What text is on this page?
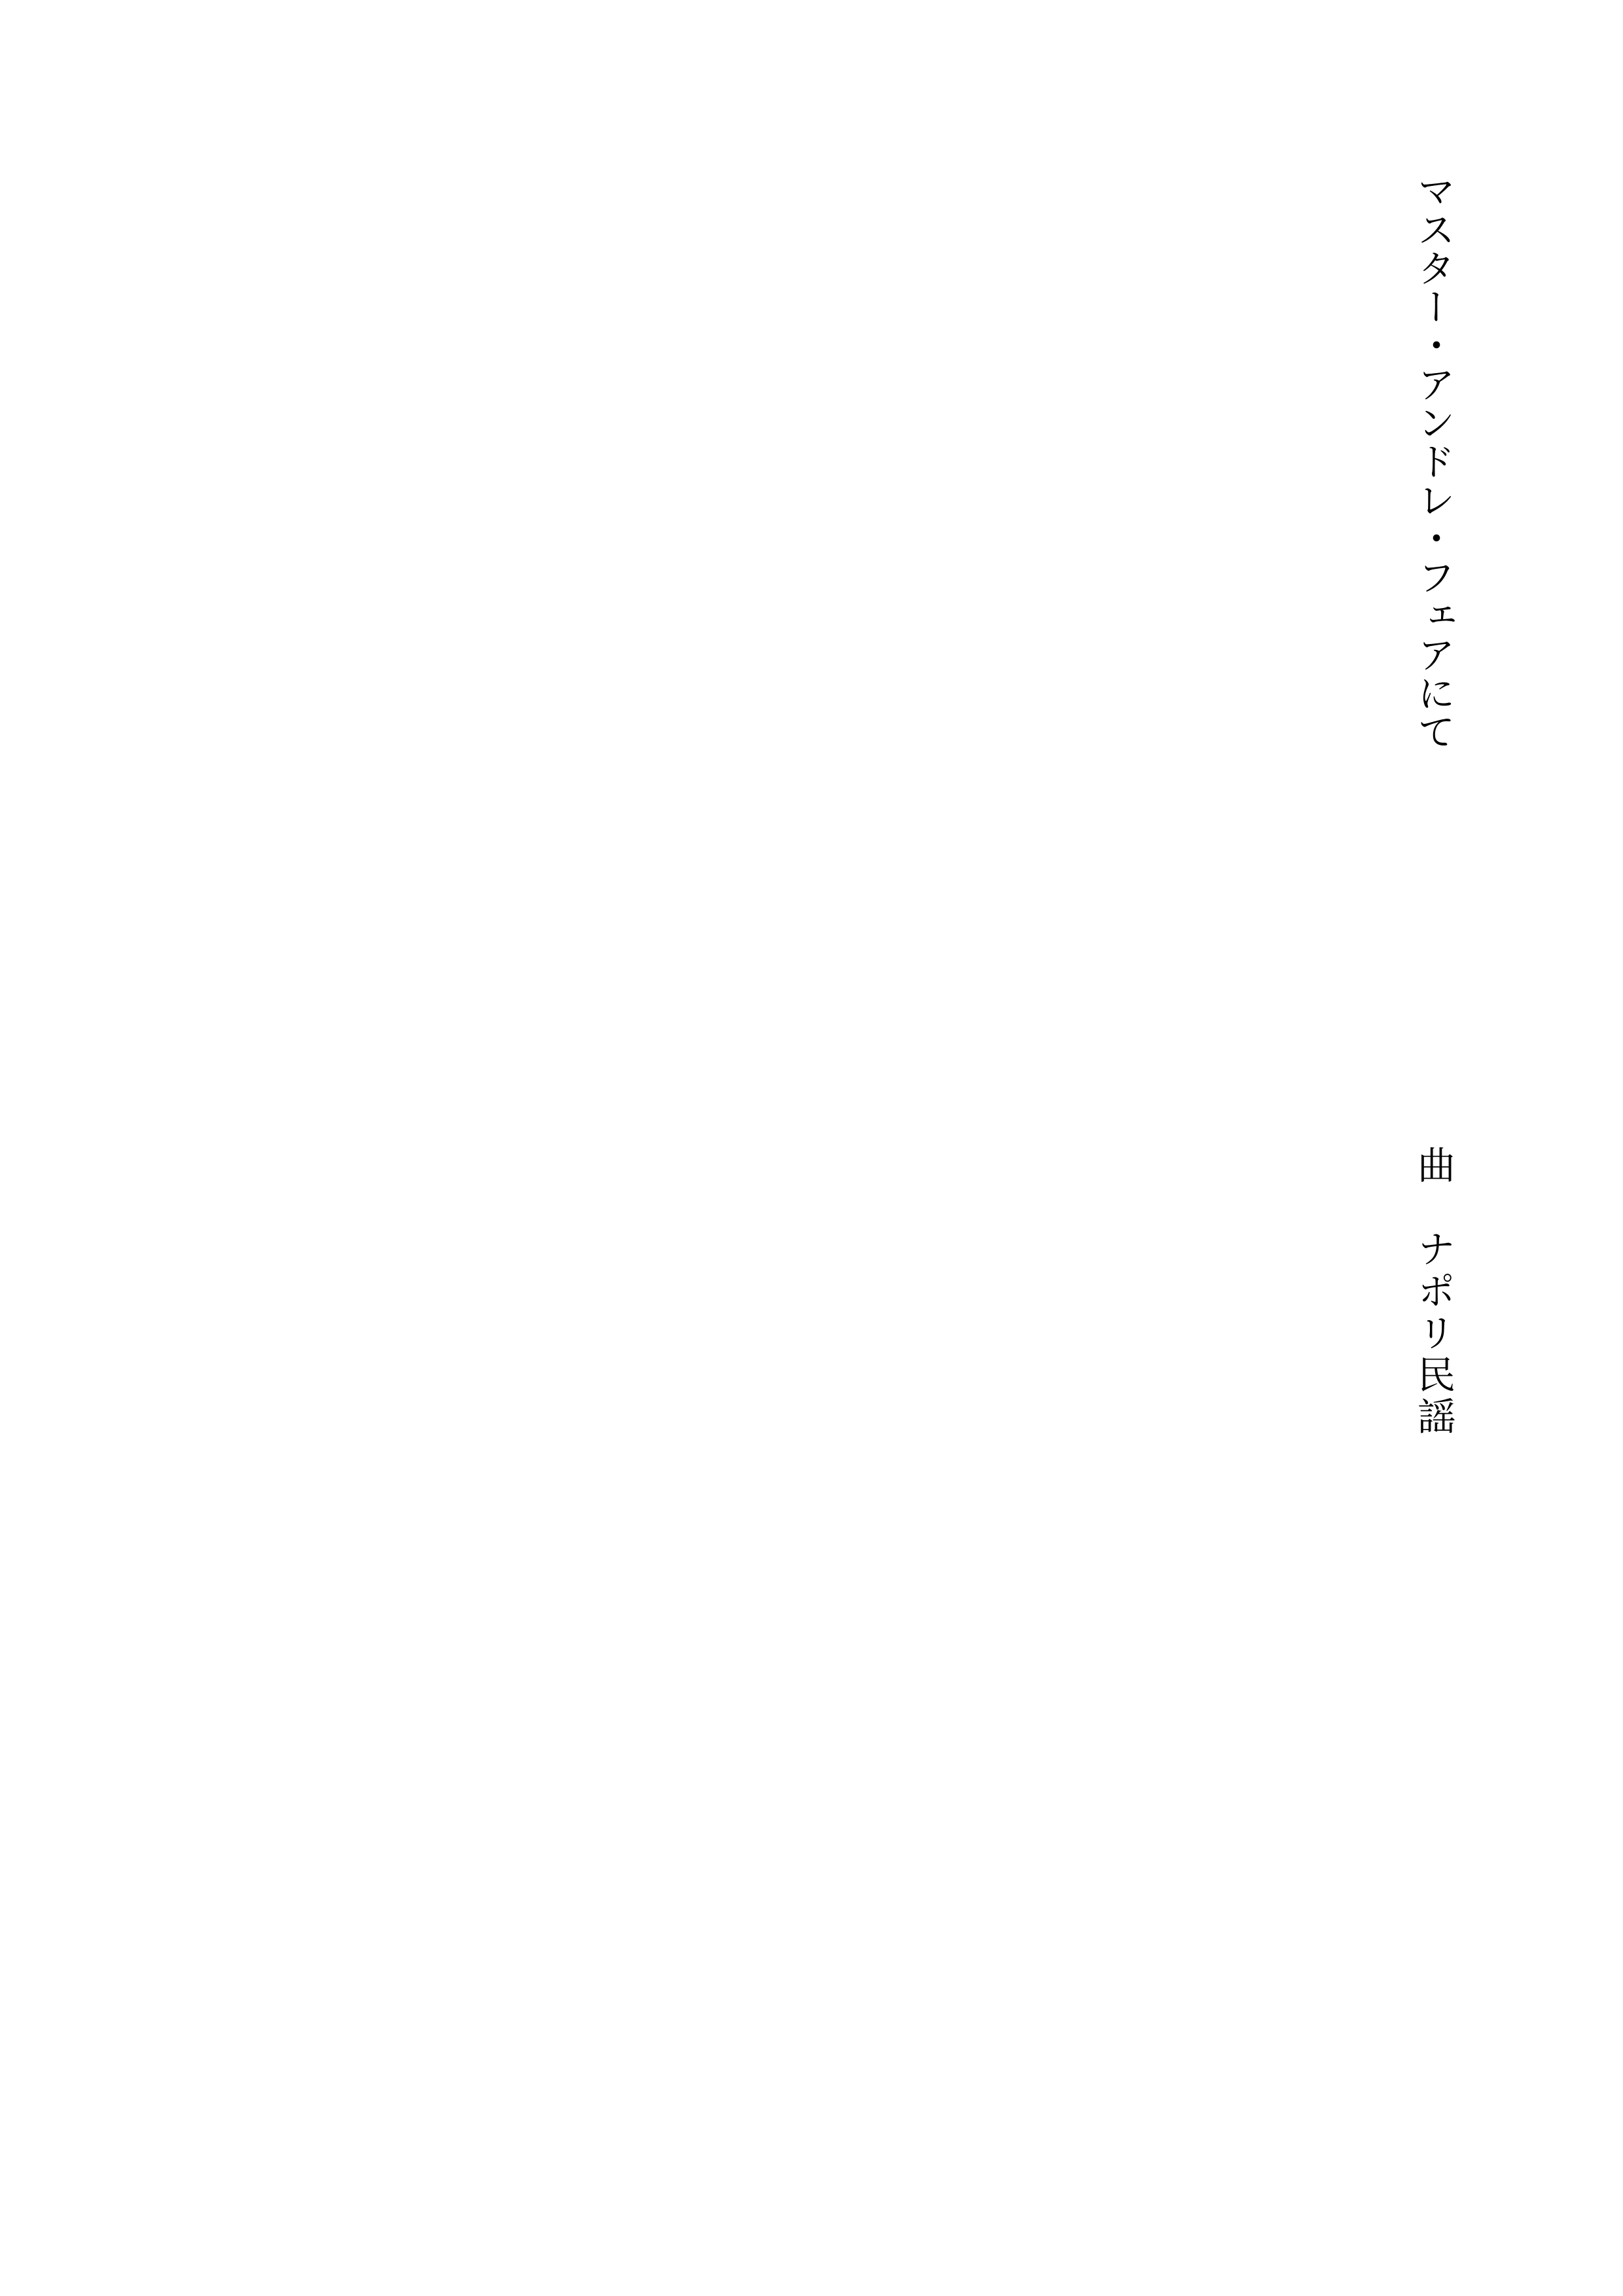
マスター・アンドレ・フェアにて
曲　ナポリ民謡
